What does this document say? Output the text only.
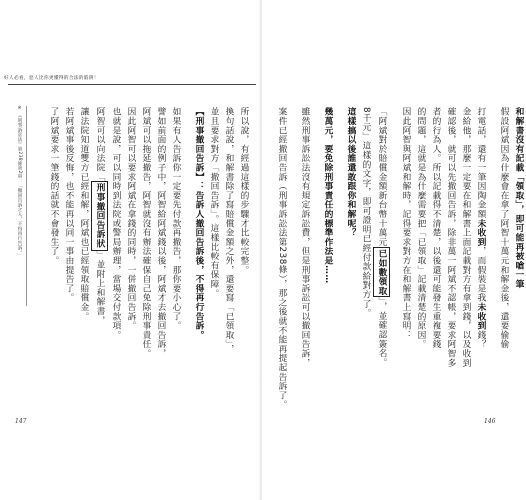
好人必看，惡人比你更懂得的合法的陷阱！
※ 《刑事訴訟法》第238條第2項：「撤回告訴之人，不得再行告訴。」	所以說，有經過這樣的步驟才比較完整。
換句話說，和解書除了寫賠償金額之外，還要寫「已領取」，
並且要求對方「撤回告訴」。這樣比較有保障。
【刑事撤回告訴】：告訴人撤回告訴後，不得再行告訴。
如果有人告訴你一定要先付款再撤告，那你要小心了。
譬如前面的例子中，阿智給阿斌錢以後，阿斌才去撤回告訴，
阿斌可以拖延撤告，阿智就沒有辦法確保自己免除刑事責任。
因此阿智可以要求阿斌在拿錢的同時，一併撤回告訴。
也就是說，可以同時到法院或警局辦理，當場交付款項。
阿智可以向法院「刑事撤回告訴狀」並附上和解書，
讓法院知道雙方已經和解，阿斌也已經領取賠償金。
若阿斌事後反悔，也不能再以同一事由提告了。
了阿斌要求一筆錢的話就不會發生了。
147
和解書沒有記載「領取」，即可能再被嗆一筆
假設阿斌因為什麼會在拿了阿智十萬元和解金後，還要偷偷
打電話，還有一筆因陶金額未收到，而假裝是我未收到錢？
金給他，那麼一定要在和解書上面記載對方有拿到錢，以及收到
確認後，就可以先撤回告訴，除非萬一阿斌不認帳，要求阿智多
者的行為人。所以記載得不清楚，以後還可能發生重複要錢
的問題，這就是為什麼需要把「已領取」記載清楚的原因。
因此阿智與阿斌和解時，記得要求對方在和解書上寫明：
「阿斌對於賠償金額新台幣十萬元已如數領取」，並確認簽名。
8千元」這樣的文字，即可證明已經付款給對方了。
這樣搞以後誰還敢跟你和解呢？
幾萬元，要免除刑事責任的標準作法是……
雖然刑事訴訟法沒有規定訴訟費，但是刑事訴訟可以撤回告訴，
案件已經撤回告訴（刑事訴訟法第238條），那之後就不能再提起告訴了。
146
